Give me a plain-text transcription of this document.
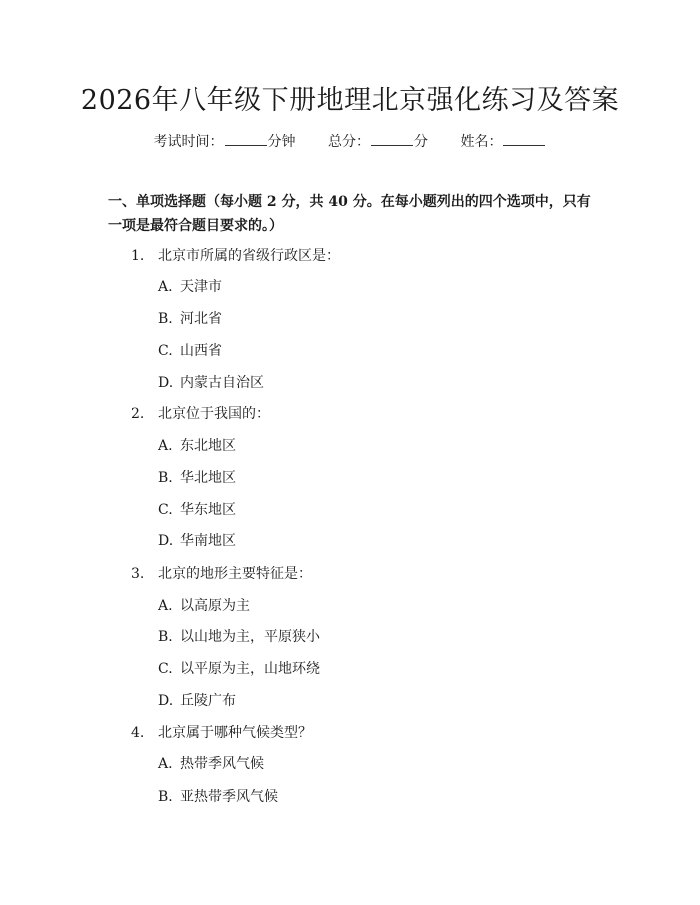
2026年八年级下册地理北京强化练习及答案
考试时间：	分钟 总分：	分 姓名：
一、单项选择题（每小题 2 分，共 40 分。在每小题列出的四个选项中，只有一项是最符合题目要求的。）
1. 北京市所属的省级行政区是：
A. 天津市
B. 河北省
C. 山西省
D. 内蒙古自治区
2. 北京位于我国的：
A. 东北地区
B. 华北地区
C. 华东地区
D. 华南地区
3. 北京的地形主要特征是：
A. 以高原为主
B. 以山地为主，平原狭小
C. 以平原为主，山地环绕
D. 丘陵广布
4. 北京属于哪种气候类型？
A. 热带季风气候
B. 亚热带季风气候
